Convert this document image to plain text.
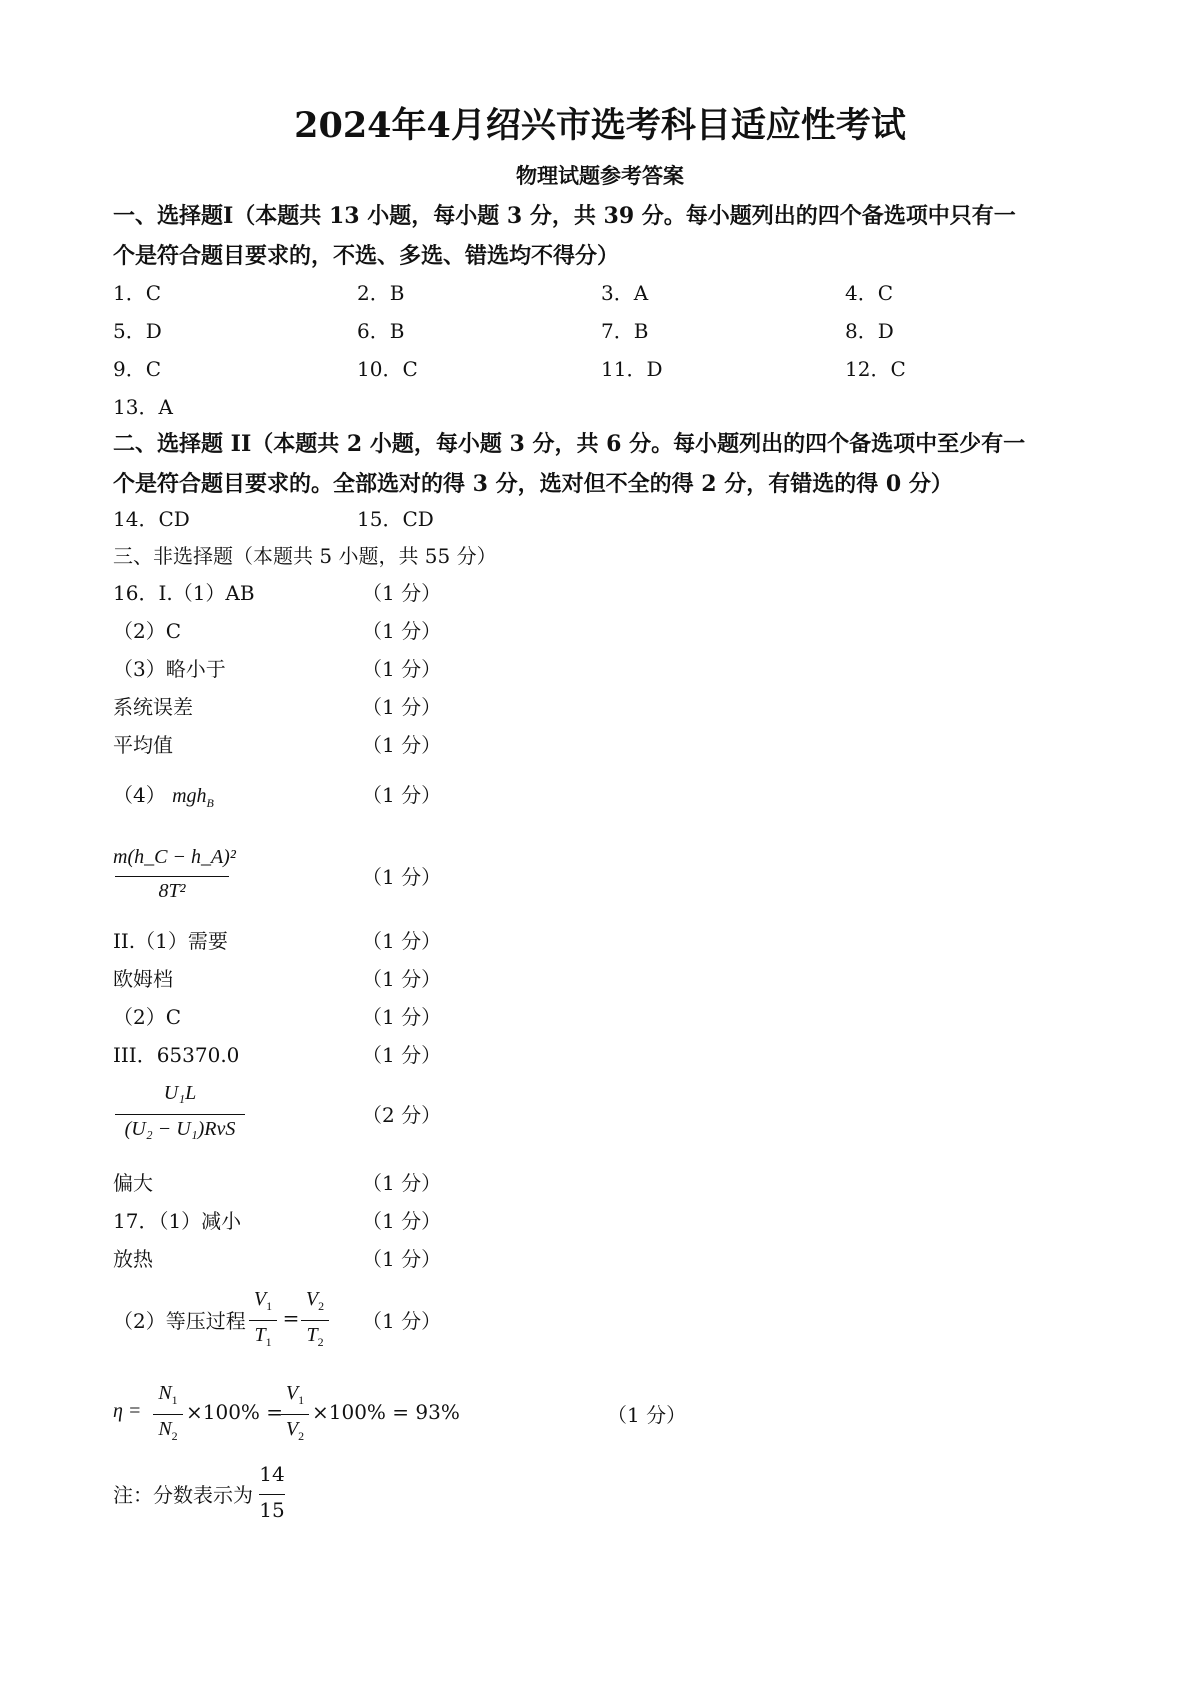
2024年4月绍兴市选考科目适应性考试
物理试题参考答案
一、选择题Ⅰ（本题共 13 小题，每小题 3 分，共 39 分。每小题列出的四个备选项中只有一
个是符合题目要求的，不选、多选、错选均不得分）
1．C	2．B	3．A	4．C
5．D	6．B	7．B	8．D
9．C	10．C	11．D	12．C
13．A
二、选择题 II（本题共 2 小题，每小题 3 分，共 6 分。每小题列出的四个备选项中至少有一
个是符合题目要求的。全部选对的得 3 分，选对但不全的得 2 分，有错选的得 0 分）
14．CD	15．CD
三、非选择题（本题共 5 小题，共 55 分）
16．I.（1）AB	（1 分）
（2）C	（1 分）
（3）略小于	（1 分）
系统误差	（1 分）
平均值	（1 分）
（4） mgh$_B$	（1 分）
m(h_C − h_A)²
8T²
（1 分）
II.（1）需要	（1 分）
欧姆档	（1 分）
（2）C	（1 分）
III．65370.0	（1 分）
U₁L
(U₂ − U₁)RvS
（2 分）
偏大	（1 分）
17．（1）减小	（1 分）
放热	（1 分）
（2）等压过程
$V_1$
$T_1$
=
$V_2$
$T_2$
（1 分）
η =
$N_1$
$N_2$
×100% =
$V_1$
$V_2$
×100% = 93%	（1 分）
注：分数表示为
14
15
